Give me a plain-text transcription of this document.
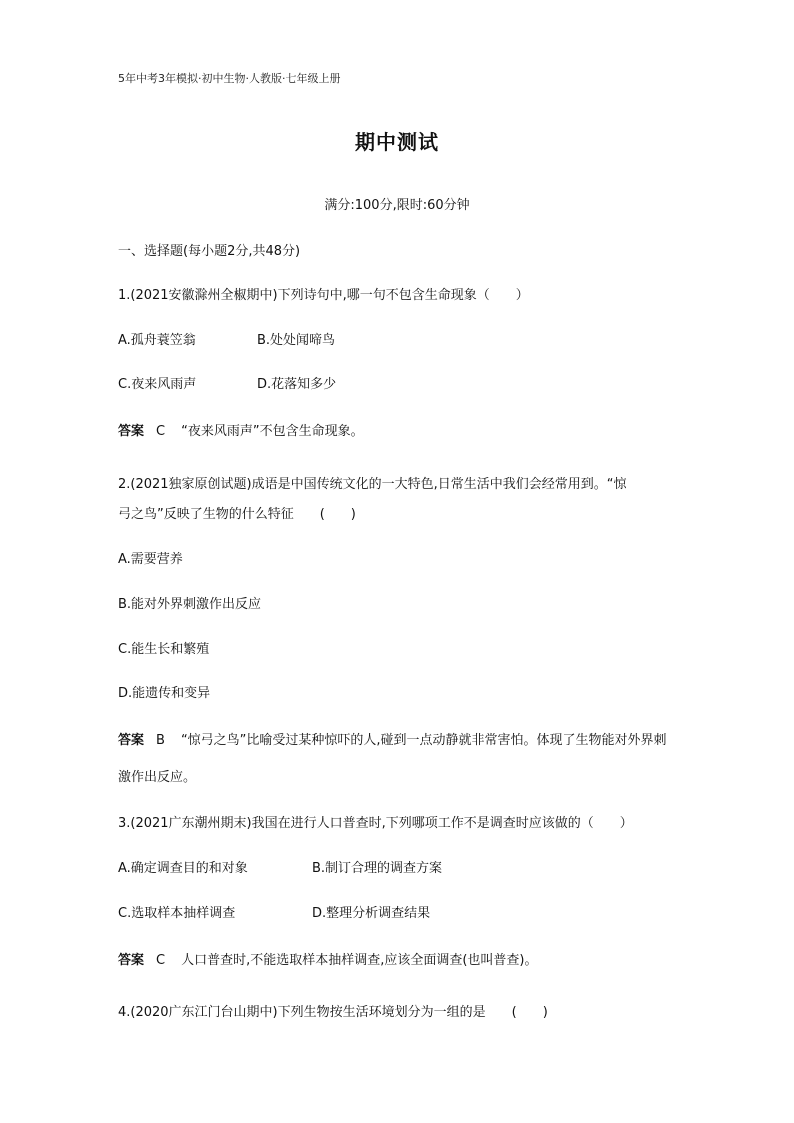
5年中考3年模拟·初中生物·人教版·七年级上册
期中测试
满分:100分,限时:60分钟
一、选择题(每小题2分,共48分)
1.(2021安徽滁州全椒期中)下列诗句中,哪一句不包含生命现象（　　）
A.孤舟蓑笠翁	B.处处闻啼鸟
C.夜来风雨声	D.花落知多少
答案 C “夜来风雨声”不包含生命现象。
2.(2021独家原创试题)成语是中国传统文化的一大特色,日常生活中我们会经常用到。“惊
弓之鸟”反映了生物的什么特征　　(　　)
A.需要营养
B.能对外界刺激作出反应
C.能生长和繁殖
D.能遗传和变异
答案 B “惊弓之鸟”比喻受过某种惊吓的人,碰到一点动静就非常害怕。体现了生物能对外界刺激作出反应。
3.(2021广东潮州期末)我国在进行人口普查时,下列哪项工作不是调查时应该做的（　　）
A.确定调查目的和对象	B.制订合理的调查方案
C.选取样本抽样调查	D.整理分析调查结果
答案 C 人口普查时,不能选取样本抽样调查,应该全面调查(也叫普查)。
4.(2020广东江门台山期中)下列生物按生活环境划分为一组的是　　(　　)
